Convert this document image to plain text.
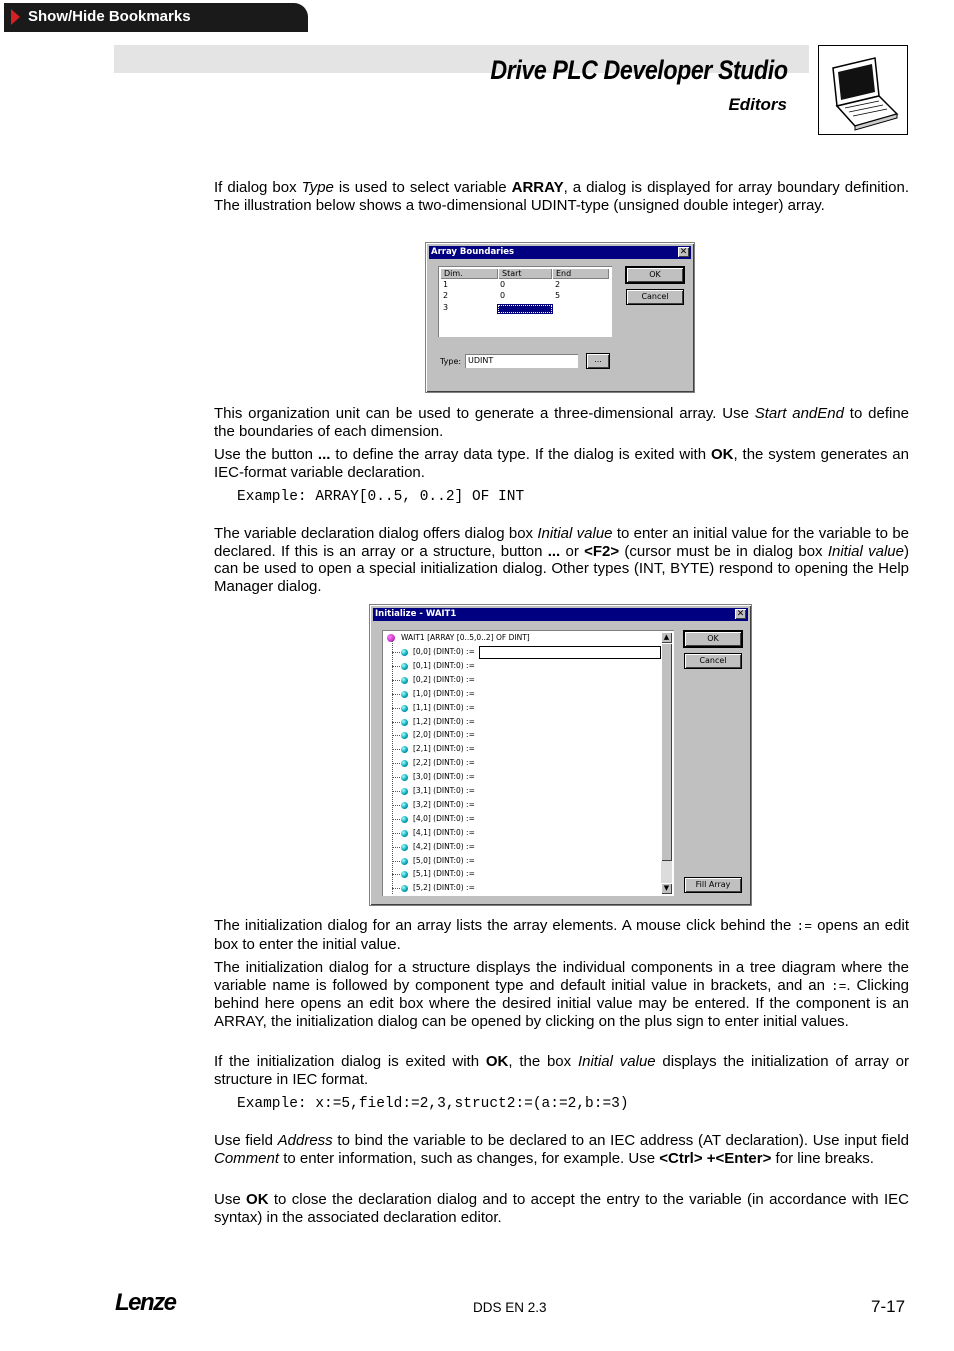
Show/Hide Bookmarks
Drive PLC Developer Studio
Editors
If dialog box Type is used to select variable ARRAY, a dialog is displayed for array boundary definition. The illustration below shows a two-dimensional UDINT-type (unsigned double integer) array.
Array Boundaries	✕
Dim.	Start	End
1	0	2
2	0	5
3
OK
Cancel
Type: UDINT	...
This organization unit can be used to generate a three-dimensional array. Use Start andEnd to define the boundaries of each dimension.
Use the button ... to define the array data type. If the dialog is exited with OK, the system generates an IEC-format variable declaration.
Example: ARRAY[0..5, 0..2] OF INT
The variable declaration dialog offers dialog box Initial value to enter an initial value for the variable to be declared. If this is an array or a structure, button ... or <F2> (cursor must be in dialog box Initial value) can be used to open a special initialization dialog. Other types (INT, BYTE) respond to opening the Help Manager dialog.
Initialize - WAIT1	✕
WAIT1 [ARRAY [0..5,0..2] OF DINT]
[0,0] (DINT:0) :=
[0,1] (DINT:0) :=
[0,2] (DINT:0) :=
[1,0] (DINT:0) :=
[1,1] (DINT:0) :=
[1,2] (DINT:0) :=
[2,0] (DINT:0) :=
[2,1] (DINT:0) :=
[2,2] (DINT:0) :=
[3,0] (DINT:0) :=
[3,1] (DINT:0) :=
[3,2] (DINT:0) :=
[4,0] (DINT:0) :=
[4,1] (DINT:0) :=
[4,2] (DINT:0) :=
[5,0] (DINT:0) :=
[5,1] (DINT:0) :=
[5,2] (DINT:0) :=
▲
▼
OK
Cancel
Fill Array
The initialization dialog for an array lists the array elements. A mouse click behind the := opens an edit box to enter the initial value.
The initialization dialog for a structure displays the individual components in a tree diagram where the variable name is followed by component type and default initial value in brackets, and an :=. Clicking behind here opens an edit box where the desired initial value may be entered. If the component is an ARRAY, the initialization dialog can be opened by clicking on the plus sign to enter initial values.
If the initialization dialog is exited with OK, the box Initial value displays the initialization of array or structure in IEC format.
Example: x:=5,field:=2,3,struct2:=(a:=2,b:=3)
Use field Address to bind the variable to be declared to an IEC address (AT declaration). Use input field Comment to enter information, such as changes, for example. Use <Ctrl> +<Enter> for line breaks.
Use OK to close the declaration dialog and to accept the entry to the variable (in accordance with IEC syntax) in the associated declaration editor.
Lenze	DDS EN 2.3	7-17
